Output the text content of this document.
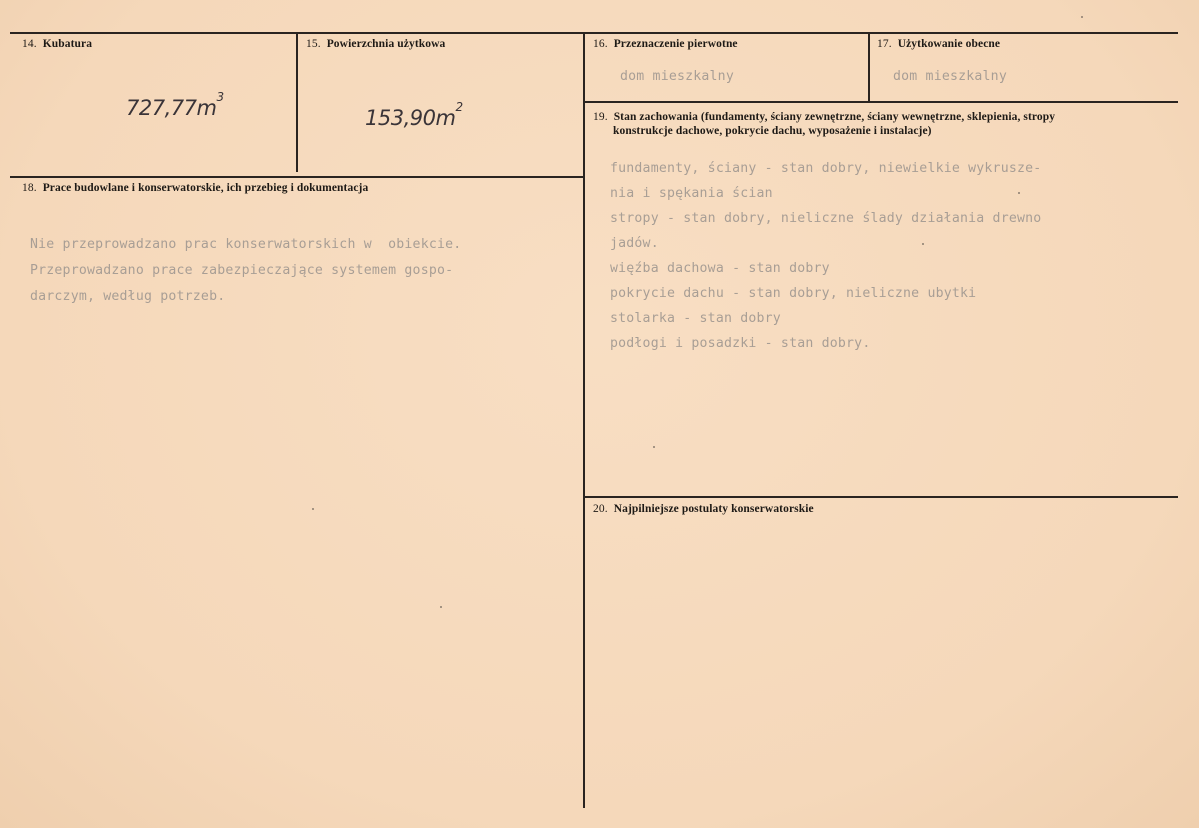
14. Kubatura
$727,77m^3$
15. Powierzchnia użytkowa
$153,90m^2$
16. Przeznaczenie pierwotne
dom mieszkalny
17. Użytkowanie obecne
dom mieszkalny
18. Prace budowlane i konserwatorskie, ich przebieg i dokumentacja
Nie przeprowadzano prac konserwatorskich w  obiekcie.
Przeprowadzano prace zabezpieczające systemem gospo-
darczym, według potrzeb.
19. Stan zachowania (fundamenty, ściany zewnętrzne, ściany wewnętrzne, sklepienia, stropy
konstrukcje dachowe, pokrycie dachu, wyposażenie i instalacje)
fundamenty, ściany - stan dobry, niewielkie wykrusze-
nia i spękania ścian
stropy - stan dobry, nieliczne ślady działania drewno
jadów.
więźba dachowa - stan dobry
pokrycie dachu - stan dobry, nieliczne ubytki
stolarka - stan dobry
podłogi i posadzki - stan dobry.
20. Najpilniejsze postulaty konserwatorskie
